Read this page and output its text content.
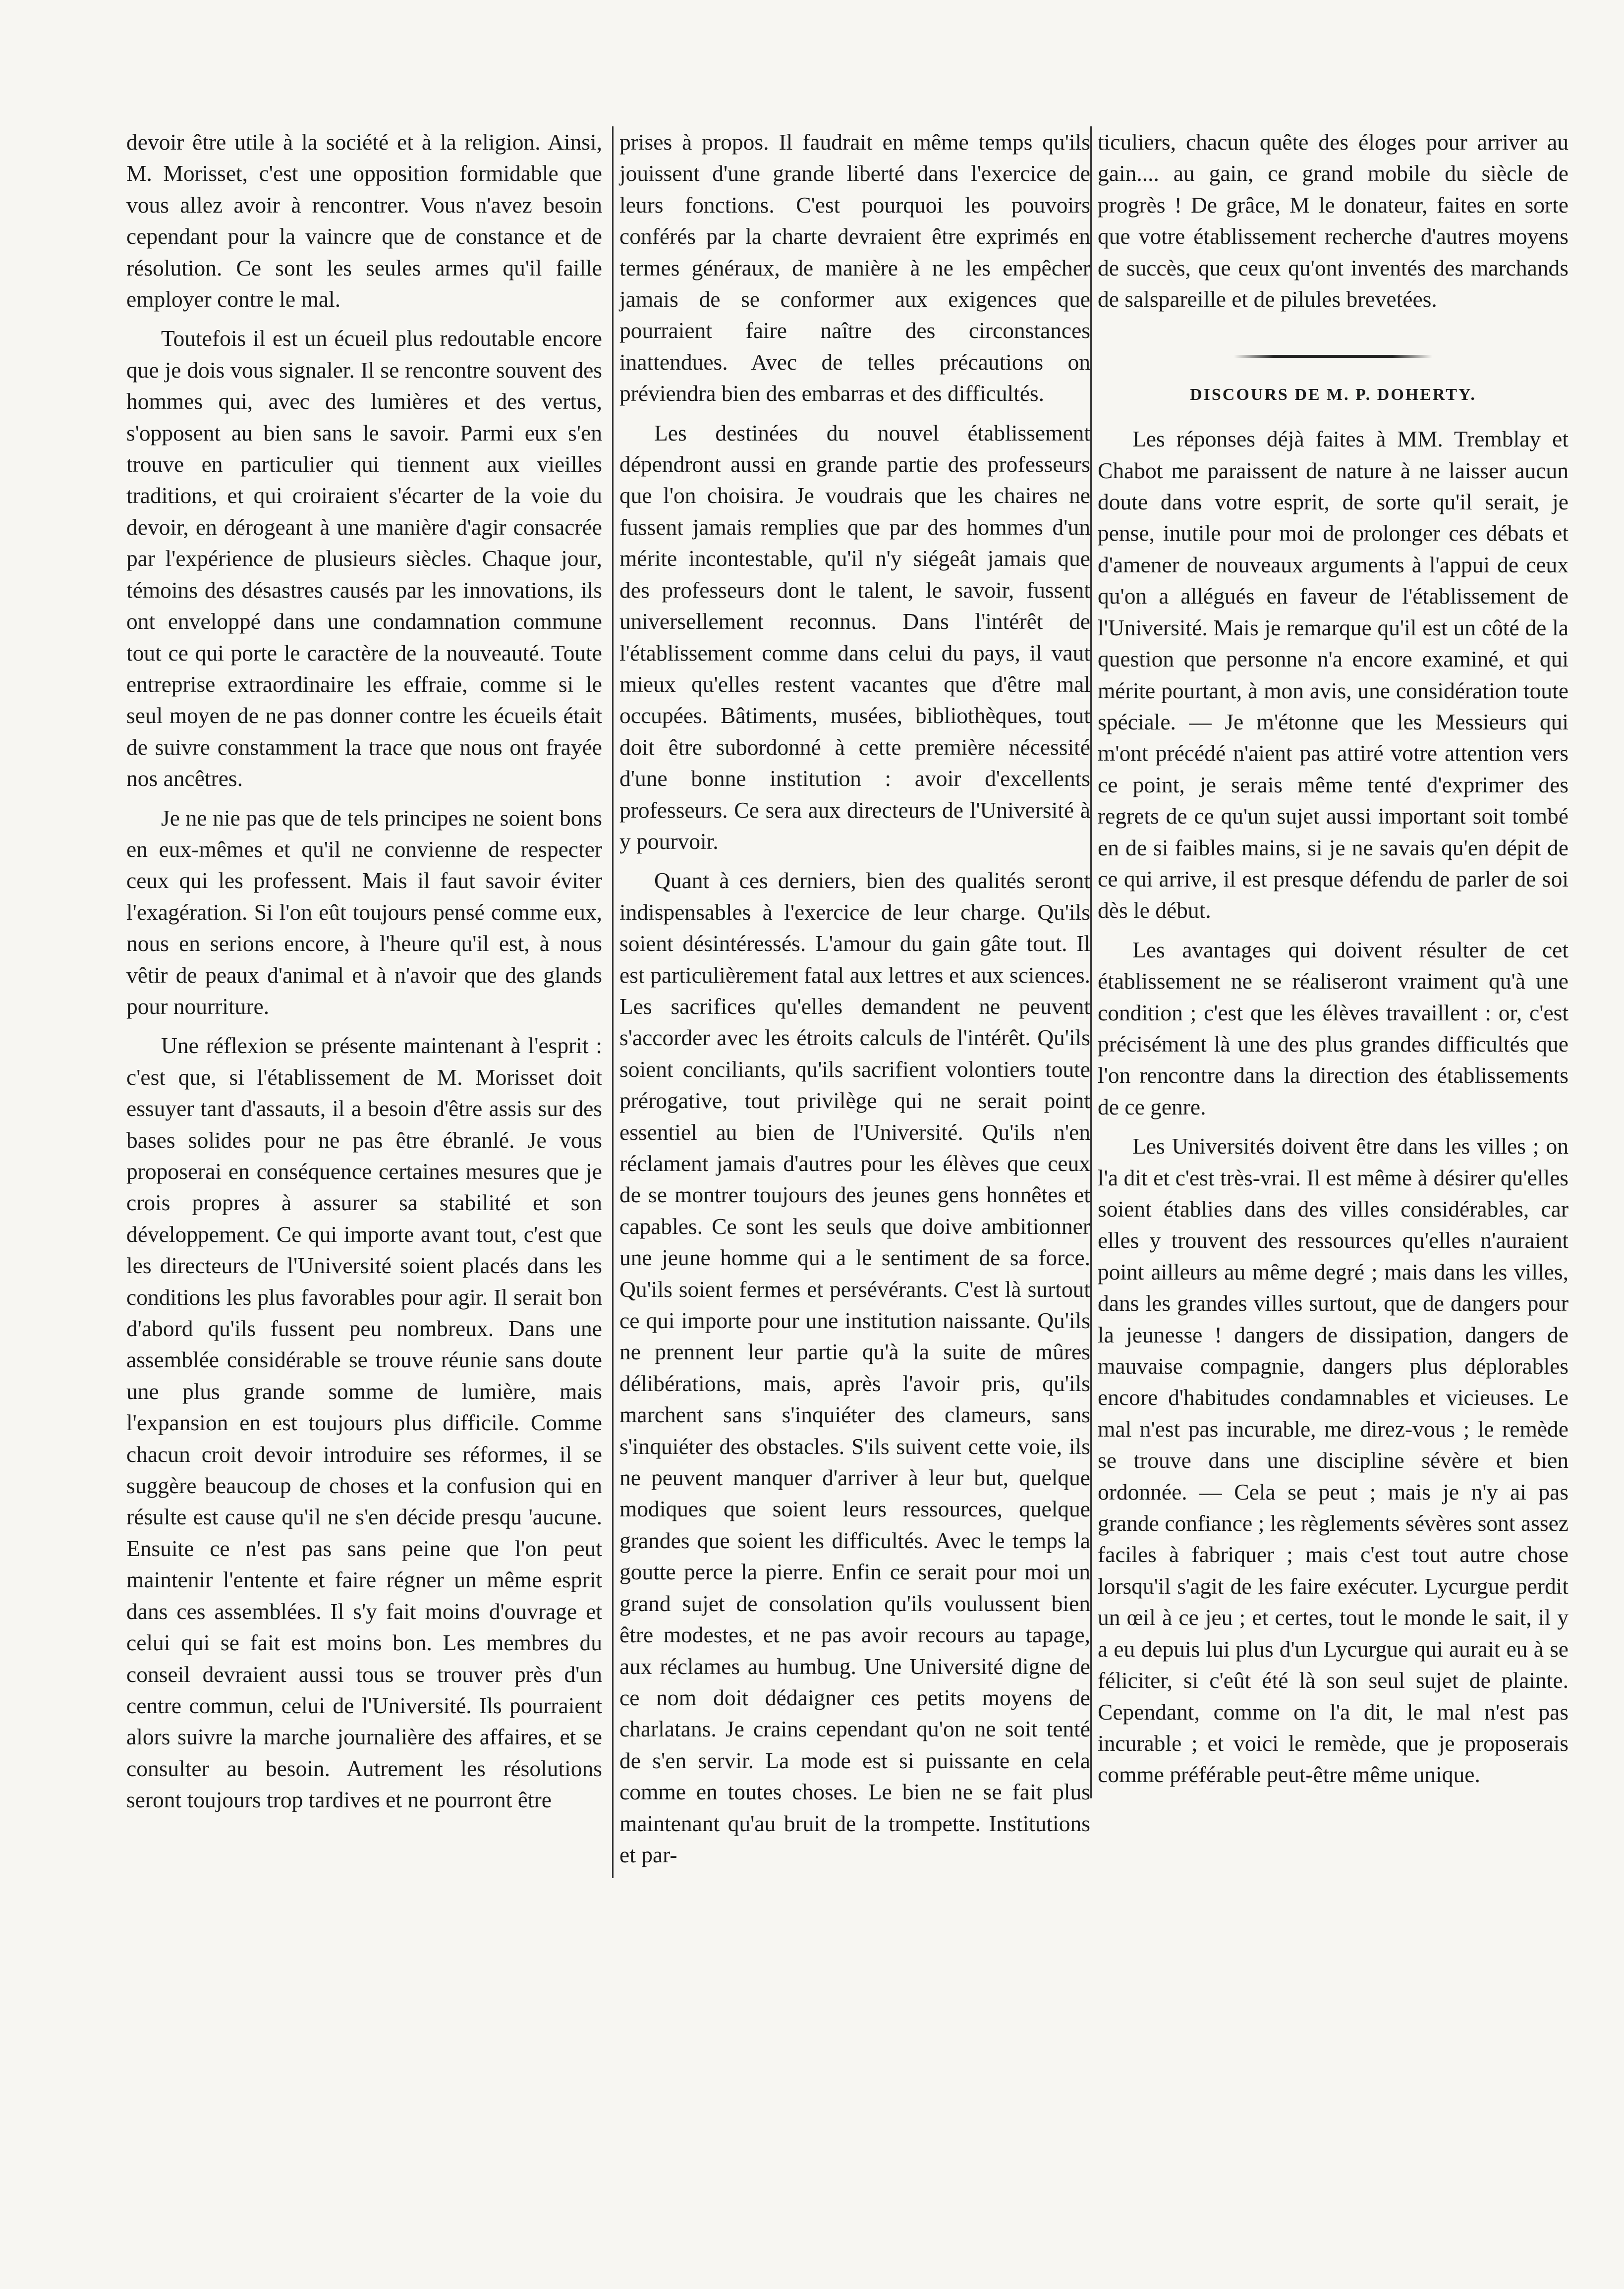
devoir être utile à la société et à la religion. Ainsi, M. Morisset, c'est une opposition formidable que vous allez avoir à rencontrer. Vous n'avez besoin cependant pour la vaincre que de constance et de résolution. Ce sont les seules armes qu'il faille employer contre le mal.

Toutefois il est un écueil plus redoutable encore que je dois vous signaler. Il se rencontre souvent des hommes qui, avec des lumières et des vertus, s'opposent au bien sans le savoir. Parmi eux s'en trouve en particulier qui tiennent aux vieilles traditions, et qui croiraient s'écarter de la voie du devoir, en dérogeant à une manière d'agir consacrée par l'expérience de plusieurs siècles. Chaque jour, témoins des désastres causés par les innovations, ils ont enveloppé dans une condamnation commune tout ce qui porte le caractère de la nouveauté. Toute entreprise extraordinaire les effraie, comme si le seul moyen de ne pas donner contre les écueils était de suivre constamment la trace que nous ont frayée nos ancêtres.

Je ne nie pas que de tels principes ne soient bons en eux-mêmes et qu'il ne convienne de respecter ceux qui les professent. Mais il faut savoir éviter l'exagération. Si l'on eût toujours pensé comme eux, nous en serions encore, à l'heure qu'il est, à nous vêtir de peaux d'animal et à n'avoir que des glands pour nourriture.

Une réflexion se présente maintenant à l'esprit : c'est que, si l'établissement de M. Morisset doit essuyer tant d'assauts, il a besoin d'être assis sur des bases solides pour ne pas être ébranlé. Je vous proposerai en conséquence certaines mesures que je crois propres à assurer sa stabilité et son développement. Ce qui importe avant tout, c'est que les directeurs de l'Université soient placés dans les conditions les plus favorables pour agir. Il serait bon d'abord qu'ils fussent peu nombreux. Dans une assemblée considérable se trouve réunie sans doute une plus grande somme de lumière, mais l'expansion en est toujours plus difficile. Comme chacun croit devoir introduire ses réformes, il se suggère beaucoup de choses et la confusion qui en résulte est cause qu'il ne s'en décide presqu 'aucune. Ensuite ce n'est pas sans peine que l'on peut maintenir l'entente et faire régner un même esprit dans ces assemblées. Il s'y fait moins d'ouvrage et celui qui se fait est moins bon. Les membres du conseil devraient aussi tous se trouver près d'un centre commun, celui de l'Université. Ils pourraient alors suivre la marche journalière des affaires, et se consulter au besoin. Autrement les résolutions seront toujours trop tardives et ne pourront être

prises à propos. Il faudrait en même temps qu'ils jouissent d'une grande liberté dans l'exercice de leurs fonctions. C'est pourquoi les pouvoirs conférés par la charte devraient être exprimés en termes généraux, de manière à ne les empêcher jamais de se conformer aux exigences que pourraient faire naître des circonstances inattendues. Avec de telles précautions on préviendra bien des embarras et des difficultés.

Les destinées du nouvel établissement dépendront aussi en grande partie des professeurs que l'on choisira. Je voudrais que les chaires ne fussent jamais remplies que par des hommes d'un mérite incontestable, qu'il n'y siégeât jamais que des professeurs dont le talent, le savoir, fussent universellement reconnus. Dans l'intérêt de l'établissement comme dans celui du pays, il vaut mieux qu'elles restent vacantes que d'être mal occupées. Bâtiments, musées, bibliothèques, tout doit être subordonné à cette première nécessité d'une bonne institution : avoir d'excellents professeurs. Ce sera aux directeurs de l'Université à y pourvoir.

Quant à ces derniers, bien des qualités seront indispensables à l'exercice de leur charge. Qu'ils soient désintéressés. L'amour du gain gâte tout. Il est particulièrement fatal aux lettres et aux sciences. Les sacrifices qu'elles demandent ne peuvent s'accorder avec les étroits calculs de l'intérêt. Qu'ils soient conciliants, qu'ils sacrifient volontiers toute prérogative, tout privilège qui ne serait point essentiel au bien de l'Université. Qu'ils n'en réclament jamais d'autres pour les élèves que ceux de se montrer toujours des jeunes gens honnêtes et capables. Ce sont les seuls que doive ambitionner une jeune homme qui a le sentiment de sa force. Qu'ils soient fermes et persévérants. C'est là surtout ce qui importe pour une institution naissante. Qu'ils ne prennent leur partie qu'à la suite de mûres délibérations, mais, après l'avoir pris, qu'ils marchent sans s'inquiéter des clameurs, sans s'inquiéter des obstacles. S'ils suivent cette voie, ils ne peuvent manquer d'arriver à leur but, quelque modiques que soient leurs ressources, quelque grandes que soient les difficultés. Avec le temps la goutte perce la pierre. Enfin ce serait pour moi un grand sujet de consolation qu'ils voulussent bien être modestes, et ne pas avoir recours au tapage, aux réclames au humbug. Une Université digne de ce nom doit dédaigner ces petits moyens de charlatans. Je crains cependant qu'on ne soit tenté de s'en servir. La mode est si puissante en cela comme en toutes choses. Le bien ne se fait plus maintenant qu'au bruit de la trompette. Institutions et par-

ticuliers, chacun quête des éloges pour arriver au gain.... au gain, ce grand mobile du siècle de progrès ! De grâce, M le donateur, faites en sorte que votre établissement recherche d'autres moyens de succès, que ceux qu'ont inventés des marchands de salspareille et de pilules brevetées.

DISCOURS DE M. P. DOHERTY.

Les réponses déjà faites à MM. Tremblay et Chabot me paraissent de nature à ne laisser aucun doute dans votre esprit, de sorte qu'il serait, je pense, inutile pour moi de prolonger ces débats et d'amener de nouveaux arguments à l'appui de ceux qu'on a allégués en faveur de l'établissement de l'Université. Mais je remarque qu'il est un côté de la question que personne n'a encore examiné, et qui mérite pourtant, à mon avis, une considération toute spéciale. — Je m'étonne que les Messieurs qui m'ont précédé n'aient pas attiré votre attention vers ce point, je serais même tenté d'exprimer des regrets de ce qu'un sujet aussi important soit tombé en de si faibles mains, si je ne savais qu'en dépit de ce qui arrive, il est presque défendu de parler de soi dès le début.

Les avantages qui doivent résulter de cet établissement ne se réaliseront vraiment qu'à une condition ; c'est que les élèves travaillent : or, c'est précisément là une des plus grandes difficultés que l'on rencontre dans la direction des établissements de ce genre.

Les Universités doivent être dans les villes ; on l'a dit et c'est très-vrai. Il est même à désirer qu'elles soient établies dans des villes considérables, car elles y trouvent des ressources qu'elles n'auraient point ailleurs au même degré ; mais dans les villes, dans les grandes villes surtout, que de dangers pour la jeunesse ! dangers de dissipation, dangers de mauvaise compagnie, dangers plus déplorables encore d'habitudes condamnables et vicieuses. Le mal n'est pas incurable, me direz-vous ; le remède se trouve dans une discipline sévère et bien ordonnée. — Cela se peut ; mais je n'y ai pas grande confiance ; les règlements sévères sont assez faciles à fabriquer ; mais c'est tout autre chose lorsqu'il s'agit de les faire exécuter. Lycurgue perdit un œil à ce jeu ; et certes, tout le monde le sait, il y a eu depuis lui plus d'un Lycurgue qui aurait eu à se féliciter, si c'eût été là son seul sujet de plainte. Cependant, comme on l'a dit, le mal n'est pas incurable ; et voici le remède, que je proposerais comme préférable peut-être même unique.
